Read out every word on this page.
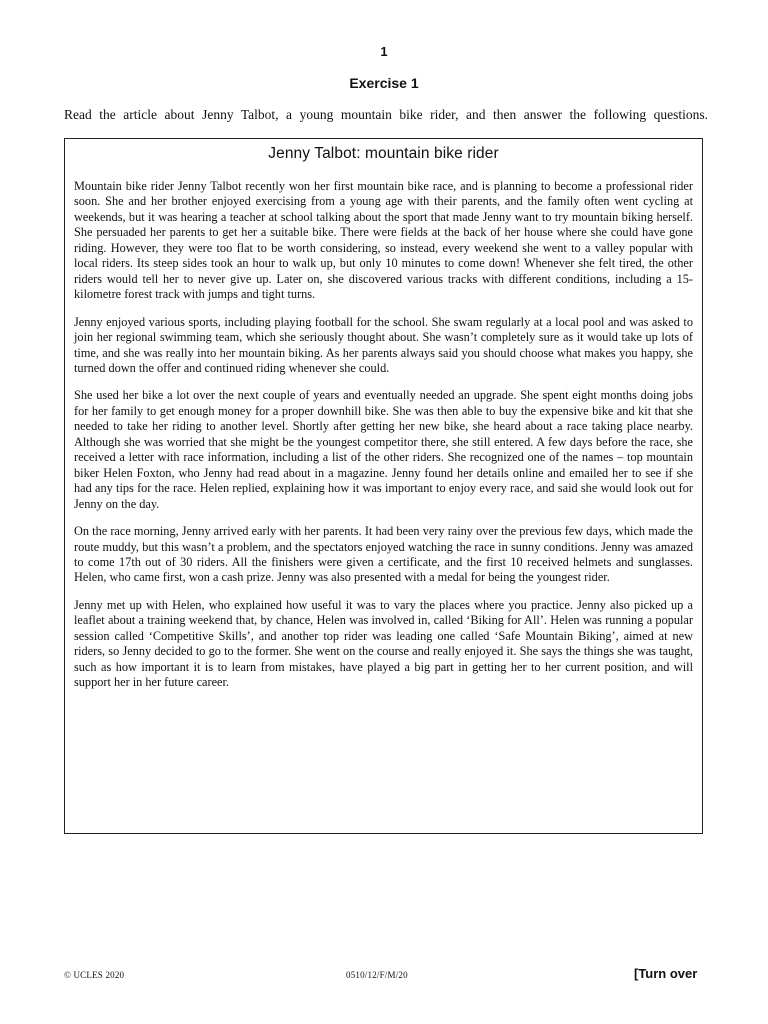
1
Exercise 1
Read the article about Jenny Talbot, a young mountain bike rider, and then answer the following questions.
Jenny Talbot: mountain bike rider

Mountain bike rider Jenny Talbot recently won her first mountain bike race, and is planning to become a professional rider soon. She and her brother enjoyed exercising from a young age with their parents, and the family often went cycling at weekends, but it was hearing a teacher at school talking about the sport that made Jenny want to try mountain biking herself. She persuaded her parents to get her a suitable bike. There were fields at the back of her house where she could have gone riding. However, they were too flat to be worth considering, so instead, every weekend she went to a valley popular with local riders. Its steep sides took an hour to walk up, but only 10 minutes to come down! Whenever she felt tired, the other riders would tell her to never give up. Later on, she discovered various tracks with different conditions, including a 15-kilometre forest track with jumps and tight turns.

Jenny enjoyed various sports, including playing football for the school. She swam regularly at a local pool and was asked to join her regional swimming team, which she seriously thought about. She wasn’t completely sure as it would take up lots of time, and she was really into her mountain biking. As her parents always said you should choose what makes you happy, she turned down the offer and continued riding whenever she could.

She used her bike a lot over the next couple of years and eventually needed an upgrade. She spent eight months doing jobs for her family to get enough money for a proper downhill bike. She was then able to buy the expensive bike and kit that she needed to take her riding to another level. Shortly after getting her new bike, she heard about a race taking place nearby. Although she was worried that she might be the youngest competitor there, she still entered. A few days before the race, she received a letter with race information, including a list of the other riders. She recognized one of the names – top mountain biker Helen Foxton, who Jenny had read about in a magazine. Jenny found her details online and emailed her to see if she had any tips for the race. Helen replied, explaining how it was important to enjoy every race, and said she would look out for Jenny on the day.

On the race morning, Jenny arrived early with her parents. It had been very rainy over the previous few days, which made the route muddy, but this wasn’t a problem, and the spectators enjoyed watching the race in sunny conditions. Jenny was amazed to come 17th out of 30 riders. All the finishers were given a certificate, and the first 10 received helmets and sunglasses. Helen, who came first, won a cash prize. Jenny was also presented with a medal for being the youngest rider.

Jenny met up with Helen, who explained how useful it was to vary the places where you practice. Jenny also picked up a leaflet about a training weekend that, by chance, Helen was involved in, called ‘Biking for All’. Helen was running a popular session called ‘Competitive Skills’, and another top rider was leading one called ‘Safe Mountain Biking’, aimed at new riders, so Jenny decided to go to the former. She went on the course and really enjoyed it. She says the things she was taught, such as how important it is to learn from mistakes, have played a big part in getting her to her current position, and will support her in her future career.

© UCLES 2020	0510/12/F/M/20	[Turn over
